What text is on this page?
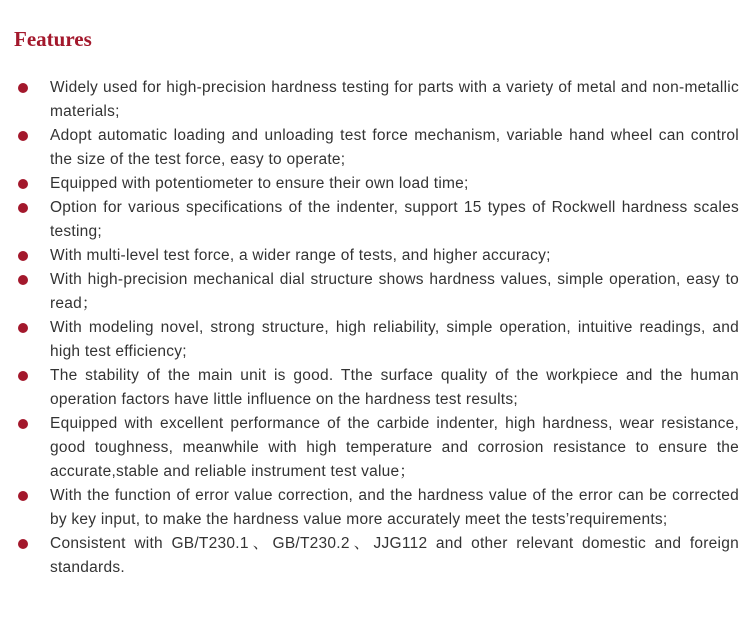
Features
Widely used for high-precision hardness testing for parts with a variety of metal and non-metallic materials;
Adopt automatic loading and unloading test force mechanism, variable hand wheel can control the size of the test force, easy to operate;
Equipped with potentiometer to ensure their own load time;
Option for various specifications of the indenter, support 15 types of Rockwell hardness scales testing;
With multi-level test force, a wider range of tests, and higher accuracy;
With high-precision mechanical dial structure shows hardness values, simple operation, easy to read；
With modeling novel, strong structure, high reliability, simple operation, intuitive readings, and high test efficiency;
The stability of the main unit is good. Tthe surface quality of the workpiece and the human operation factors have little influence on the hardness test results;
Equipped with excellent performance of the carbide indenter, high hardness, wear resistance, good toughness, meanwhile with high temperature and corrosion resistance to ensure the accurate,stable and reliable instrument test value；
With the function of error value correction, and the hardness value of the error can be corrected by key input, to make the hardness value more accurately meet the tests’requirements;
Consistent with GB/T230.1、GB/T230.2、JJG112 and other relevant domestic and foreign standards.
